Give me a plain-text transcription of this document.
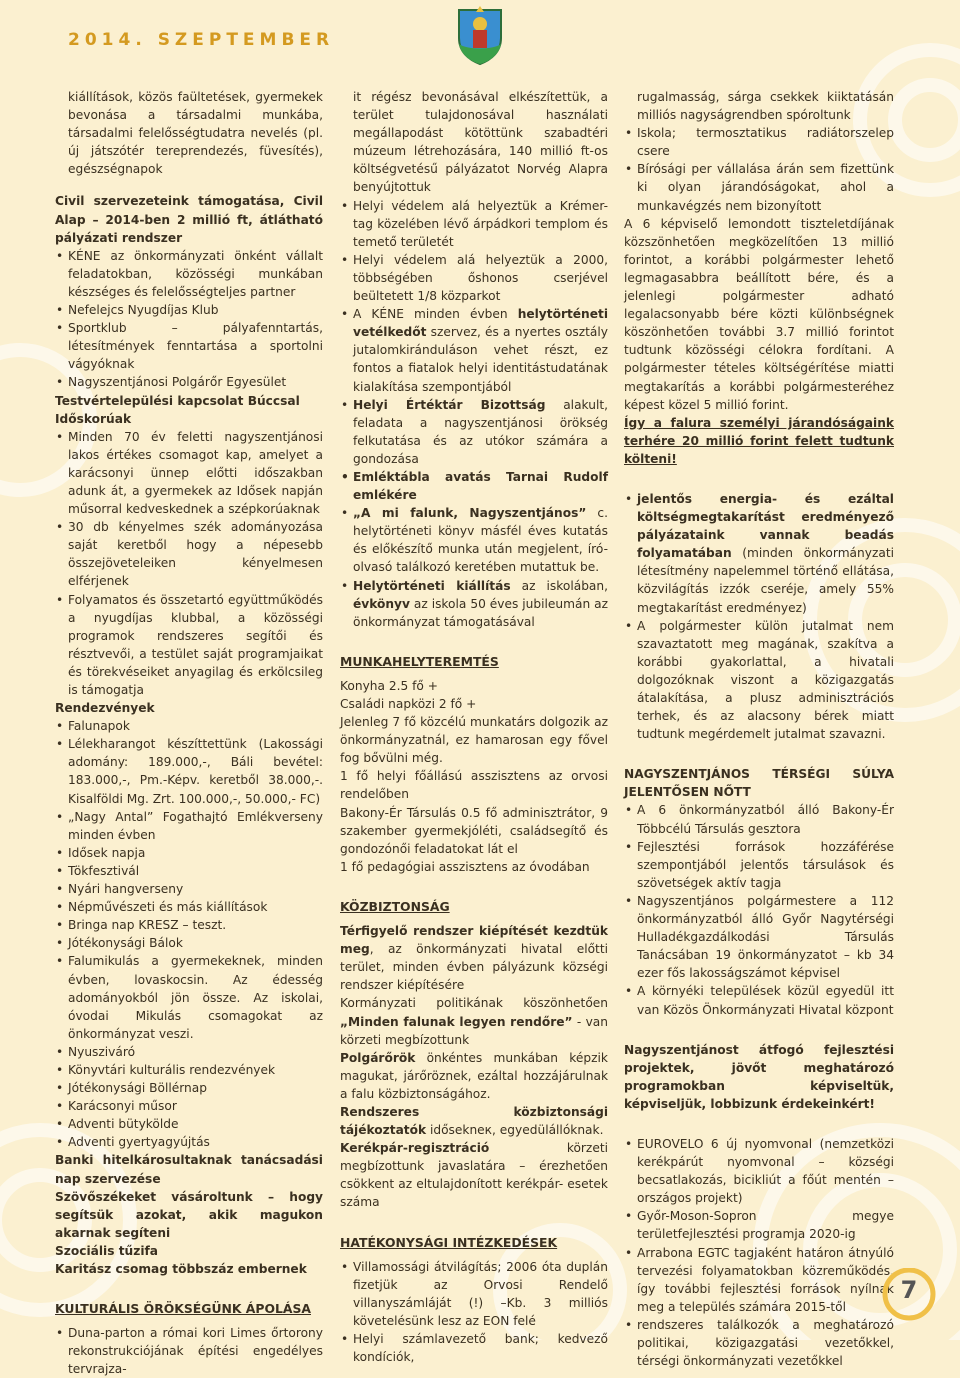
2014. SZEPTEMBER

kiállítások, közös faültetések, gyermekek bevonása a társadalmi munkába, társadalmi felelősségtudatra nevelés (pl. új játszótér tereprendezés, füvesítés), egészségnapok

Civil szervezeteink támogatása, Civil Alap – 2014-ben 2 millió ft, átlátható pályázati rendszer

• KÉNE az önkormányzati önként vállalt feladatokban, közösségi munkában készséges és felelősségteljes partner

• Nefelejcs Nyugdíjas Klub

• Sportklub – pályafenntartás, létesítmények fenntartása a sportolni vágyóknak

• Nagyszentjánosi Polgárőr Egyesület

Testvértelepülési kapcsolat Búccsal

Időskorúak

• Minden 70 év feletti nagyszentjánosi lakos értékes csomagot kap, amelyet a karácsonyi ünnep előtti időszakban adunk át, a gyermekek az Idősek napján műsorral kedveskednek a szépkorúaknak

• 30 db kényelmes szék adományozása saját keretből hogy a népesebb összejöveteleiken kényelmesen elférjenek

• Folyamatos és összetartó együttműködés a nyugdíjas klubbal, a közösségi programok rendszeres segítői és résztvevői, a testület saját programjaikat és törekvéseiket anyagilag és erkölcsileg is támogatja

Rendezvények

• Falunapok

• Lélekharangot készíttettünk (Lakossági adomány: 189.000,-, Báli bevétel: 183.000,-, Pm.-Képv. keretből 38.000,-. Kisalföldi Mg. Zrt. 100.000,-, 50.000,- FC)

• „Nagy Antal” Fogathajtó Emlékverseny minden évben

• Idősek napja

• Tökfesztivál

• Nyári hangverseny

• Népművészeti és más kiállítások

• Bringa nap KRESZ – teszt.

• Jótékonysági Bálok

• Falumikulás a gyermekeknek, minden évben, lovaskocsin. Az édesség adományokból jön össze. Az iskolai, óvodai Mikulás csomagokat az önkormányzat veszi.

• Nyusziváró

• Könyvtári kulturális rendezvények

• Jótékonysági Böllérnap

• Karácsonyi műsor

• Adventi bütykölde

• Adventi gyertyagyújtás

Banki hitelkárosultaknak tanácsadási nap szervezése

Szövőszékeket vásároltunk – hogy segítsük azokat, akik magukon akarnak segíteni

Szociális tűzifa

Karitász csomag többszáz embernek

KULTURÁLIS ÖRÖKSÉGÜNK ÁPOLÁSA

• Duna-parton a római kori Limes őrtorony rekonstrukciójának építési engedélyes tervrajza-

it régész bevonásával elkészítettük, a terület tulajdonosával használati megállapodást kötöttünk szabadtéri múzeum létrehozására, 140 millió ft-os költségvetésű pályázatot Norvég Alapra benyújtottuk

• Helyi védelem alá helyeztük a Krémer-tag közelében lévő árpádkori templom és temető területét

• Helyi védelem alá helyeztük a 2000, többségében őshonos cserjével beültetett 1/8 közparkot

• A KÉNE minden évben helytörténeti vetélkedőt szervez, és a nyertes osztály jutalomkiránduláson vehet részt, ez fontos a fiatalok helyi identitástudatának kialakítása szempontjából

• Helyi Értéktár Bizottság alakult, feladata a nagyszentjánosi örökség felkutatása és az utókor számára a gondozása

• Emléktábla avatás Tarnai Rudolf emlékére

• „A mi falunk, Nagyszentjános” c. helytörténeti könyv másfél éves kutatás és előkészítő munka után megjelent, író-olvasó találkozó keretében mutattuk be.

• Helytörténeti kiállítás az iskolában, évkönyv az iskola 50 éves jubileumán az önkormányzat támogatásával

MUNKAHELYTEREMTÉS

Konyha 2.5 fő +

Családi napközi 2 fő +

Jelenleg 7 fő közcélú munkatárs dolgozik az önkormányzatnál, ez hamarosan egy fővel fog bővülni még.

1 fő helyi főállású asszisztens az orvosi rendelőben

Bakony-Ér Társulás 0.5 fő adminisztrátor, 9 szakember gyermekjóléti, családsegítő és gondozónői feladatokat lát el

1 fő pedagógiai asszisztens az óvodában

KÖZBIZTONSÁG

Térfigyelő rendszer kiépítését kezdtük meg, az önkormányzati hivatal előtti terület, minden évben pályázunk községi rendszer kiépítésére

Kormányzati politikának köszönhetően „Minden falunak legyen rendőre” - van körzeti megbízottunk

Polgárőrök önkéntes munkában képzik magukat, járőröznek, ezáltal hozzájárulnak a falu közbiztonságához.

Rendszeres közbiztonsági tájékoztatók idősekneк, egyedülállóknak.

Kerékpár-regisztráció körzeti megbízottunk javaslatára – érezhetően csökkent az eltulajdonított kerékpár- esetek száma

HATÉKONYSÁGI INTÉZKEDÉSEK

• Villamossági átvilágítás; 2006 óta duplán fizetjük az Orvosi Rendelő villanyszámláját (!) –Kb. 3 milliós követelésünk lesz az EON felé

• Helyi számlavezető bank; kedvező kondíciók,

rugalmasság, sárga csekkek kiiktatásán milliós nagyságrendben spóroltunk

• Iskola; termosztatikus radiátorszelep csere

• Bírósági per vállalása árán sem fizettünk ki olyan járandóságokat, ahol a munkavégzés nem bizonyított

A 6 képviselő lemondott tiszteletdíjának közszönhetően megközelítően 13 millió forintot, a korábbi polgármester lehető legmagasabbra beállított bére, és a jelenlegi polgármester adható legalacsonyabb bére közti különbségnek köszönhetően további 3.7 millió forintot tudtunk közösségi célokra fordítani. A polgármester tételes költségérítése miatti megtakarítás a korábbi polgármesteréhez képest közel 5 millió forint.

Így a falura személyi járandóságaink terhére 20 millió forint felett tudtunk költeni!

• jelentős energia- és ezáltal költségmegtakarítást eredményező pályázataink vannak beadás folyamatában (minden önkormányzati létesítmény napelemmel történő ellátása, közvilágítás izzók cseréje, amely 55% megtakarítást eredményez)

• A polgármester külön jutalmat nem szavaztatott meg magának, szakítva a korábbi gyakorlattal, a hivatali dolgozóknak viszont a közigazgatás átalakítása, a plusz adminisztrációs terhek, és az alacsony bérek miatt tudtunk megérdemelt jutalmat szavazni.

NAGYSZENTJÁNOS TÉRSÉGI SÚLYA JELENTŐSEN NŐTT

• A 6 önkormányzatból álló Bakony-Ér Többcélú Társulás gesztora

• Fejlesztési források hozzáférése szempontjából jelentős társulások és szövetségek aktív tagja

• Nagyszentjános polgármestere a 112 önkormányzatból álló Győr Nagytérségi Hulladékgazdálkodási Társulás Tanácsában 19 önkormányzatot – kb 34 ezer fős lakosságszámot képvisel

• A környéki települések közül egyedül itt van Közös Önkormányzati Hivatal központ

Nagyszentjánost átfogó fejlesztési projektek, jövőt meghatározó programokban képviseltük, képviseljük, lobbizunk érdekeinkért!

• EUROVELO 6 új nyomvonal (nemzetközi kerékpárút nyomvonal – községi becsatlakozás, bicikliút a főút mentén – országos projekt)

• Győr-Moson-Sopron megye területfejlesztési programja 2020-ig

• Arrabona EGTC tagjaként határon átnyúló tervezési folyamatokban közreműködés, így további fejlesztési források nyílnak meg a település számára 2015-től

• rendszeres találkozók a meghatározó politikai, közigazgatási vezetőkkel, térségi önkormányzati vezetőkkel

7
